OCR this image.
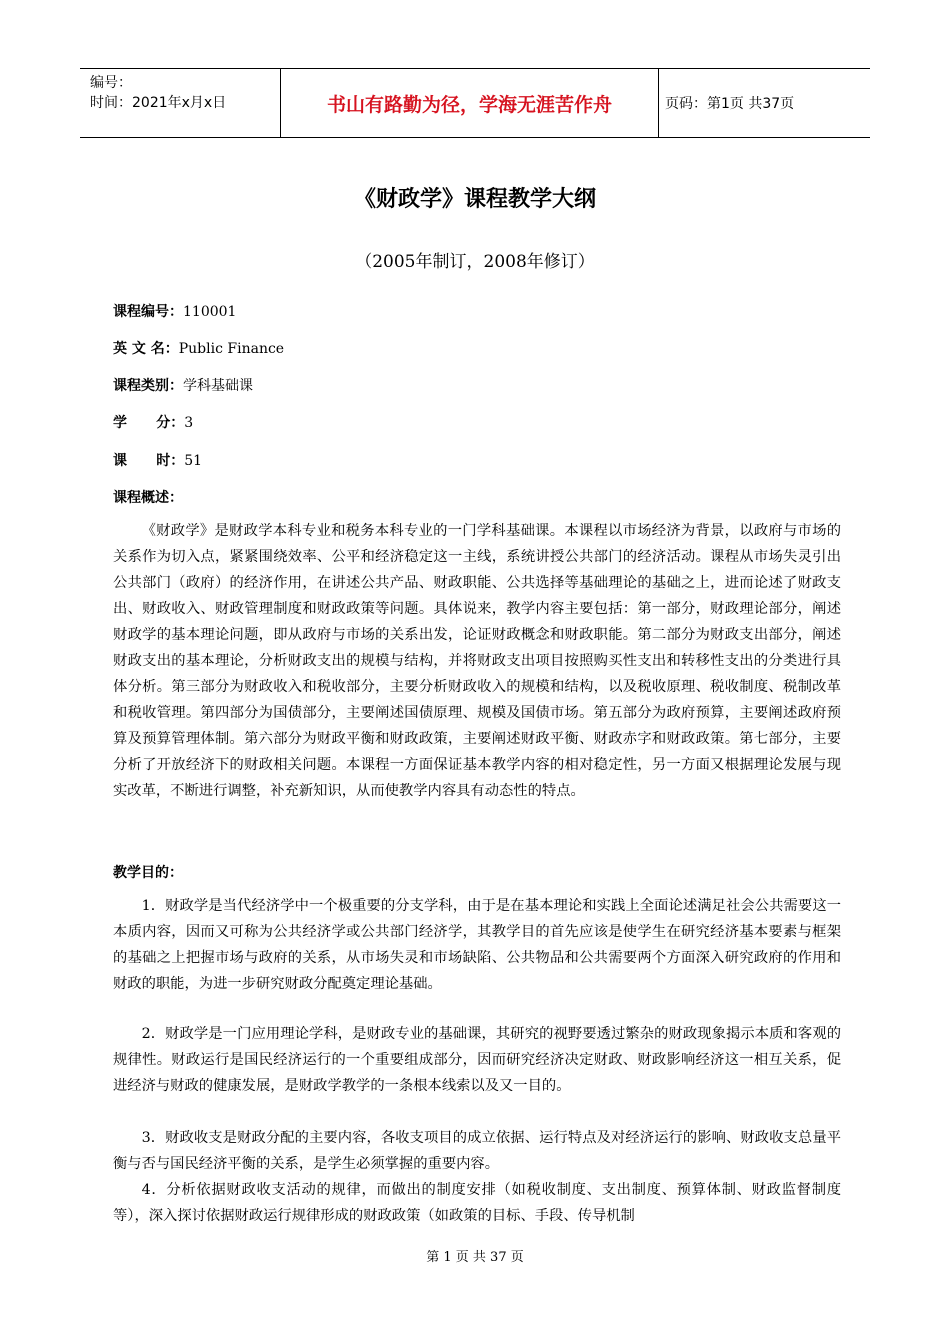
编号：
时间：2021年x月x日	书山有路勤为径，学海无涯苦作舟	页码：第1页 共37页
《财政学》课程教学大纲
（2005年制订，2008年修订）
课程编号：110001
英 文 名：Public Finance
课程类别：学科基础课
学      分：3
课      时：51
课程概述：

《财政学》是财政学本科专业和税务本科专业的一门学科基础课。本课程以市场经济为背景，以政府与市场的关系作为切入点，紧紧围绕效率、公平和经济稳定这一主线，系统讲授公共部门的经济活动。课程从市场失灵引出公共部门（政府）的经济作用，在讲述公共产品、财政职能、公共选择等基础理论的基础之上，进而论述了财政支出、财政收入、财政管理制度和财政政策等问题。具体说来，教学内容主要包括：第一部分，财政理论部分，阐述财政学的基本理论问题，即从政府与市场的关系出发，论证财政概念和财政职能。第二部分为财政支出部分，阐述财政支出的基本理论，分析财政支出的规模与结构，并将财政支出项目按照购买性支出和转移性支出的分类进行具体分析。第三部分为财政收入和税收部分，主要分析财政收入的规模和结构，以及税收原理、税收制度、税制改革和税收管理。第四部分为国债部分，主要阐述国债原理、规模及国债市场。第五部分为政府预算，主要阐述政府预算及预算管理体制。第六部分为财政平衡和财政政策，主要阐述财政平衡、财政赤字和财政政策。第七部分，主要分析了开放经济下的财政相关问题。本课程一方面保证基本教学内容的相对稳定性，另一方面又根据理论发展与现实改革，不断进行调整，补充新知识，从而使教学内容具有动态性的特点。

教学目的：

1．财政学是当代经济学中一个极重要的分支学科，由于是在基本理论和实践上全面论述满足社会公共需要这一本质内容，因而又可称为公共经济学或公共部门经济学，其教学目的首先应该是使学生在研究经济基本要素与框架的基础之上把握市场与政府的关系，从市场失灵和市场缺陷、公共物品和公共需要两个方面深入研究政府的作用和财政的职能，为进一步研究财政分配奠定理论基础。

2．财政学是一门应用理论学科，是财政专业的基础课，其研究的视野要透过繁杂的财政现象揭示本质和客观的规律性。财政运行是国民经济运行的一个重要组成部分，因而研究经济决定财政、财政影响经济这一相互关系，促进经济与财政的健康发展，是财政学教学的一条根本线索以及又一目的。

3．财政收支是财政分配的主要内容，各收支项目的成立依据、运行特点及对经济运行的影响、财政收支总量平衡与否与国民经济平衡的关系，是学生必须掌握的重要内容。

4．分析依据财政收支活动的规律，而做出的制度安排（如税收制度、支出制度、预算体制、财政监督制度等），深入探讨依据财政运行规律形成的财政政策（如政策的目标、手段、传导机制

第 1 页 共 37 页
